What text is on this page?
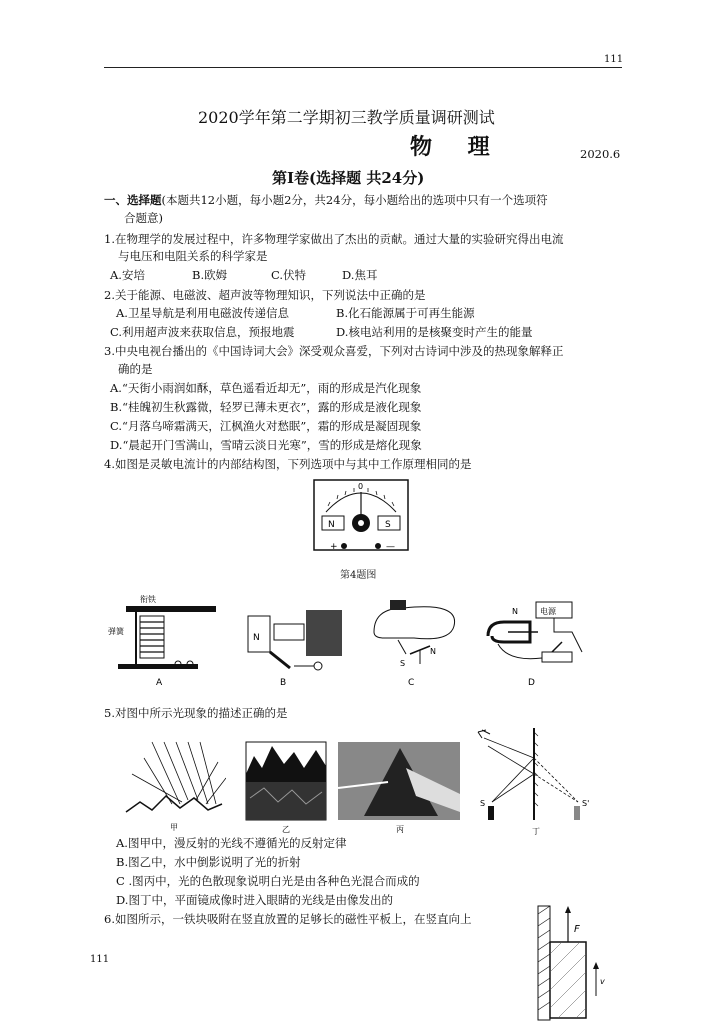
111
2020学年第二学期初三教学质量调研测试
物 理	2020.6
第Ⅰ卷(选择题 共24分)
一、选择题(本题共12小题，每小题2分，共24分，每小题给出的选项中只有一个选项符
合题意)
1.在物理学的发展过程中，许多物理学家做出了杰出的贡献。通过大量的实验研究得出电流
与电压和电阻关系的科学家是
A.安培	B.欧姆	C.伏特	D.焦耳
2.关于能源、电磁波、超声波等物理知识，下列说法中正确的是
A.卫星导航是利用电磁波传递信息	B.化石能源属于可再生能源
C.利用超声波来获取信息，预报地震	D.核电站利用的是核聚变时产生的能量
3.中央电视台播出的《中国诗词大会》深受观众喜爱，下列对古诗词中涉及的热现象解释正
确的是
A.“天街小雨润如酥，草色遥看近却无”，雨的形成是汽化现象
B.“桂魄初生秋露微，轻罗已薄未更衣”，露的形成是液化现象
C.“月落乌啼霜满天，江枫渔火对愁眠”，霜的形成是凝固现象
D.“晨起开门雪满山，雪晴云淡日光寒”，雪的形成是熔化现象
4.如图是灵敏电流计的内部结构图，下列选项中与其中工作原理相同的是
0
N	S
+	—
第4题图
衔铁
弹簧
A
N
B
S
N
C
电源
N
D
5.对图中所示光现象的描述正确的是
甲	乙	丙
S	S'
丁
A.图甲中，漫反射的光线不遵循光的反射定律
B.图乙中，水中倒影说明了光的折射
C .图丙中，光的色散现象说明白光是由各种色光混合而成的
D.图丁中，平面镜成像时进入眼睛的光线是由像发出的
6.如图所示，一铁块吸附在竖直放置的足够长的磁性平板上，在竖直向上
F
v
111
